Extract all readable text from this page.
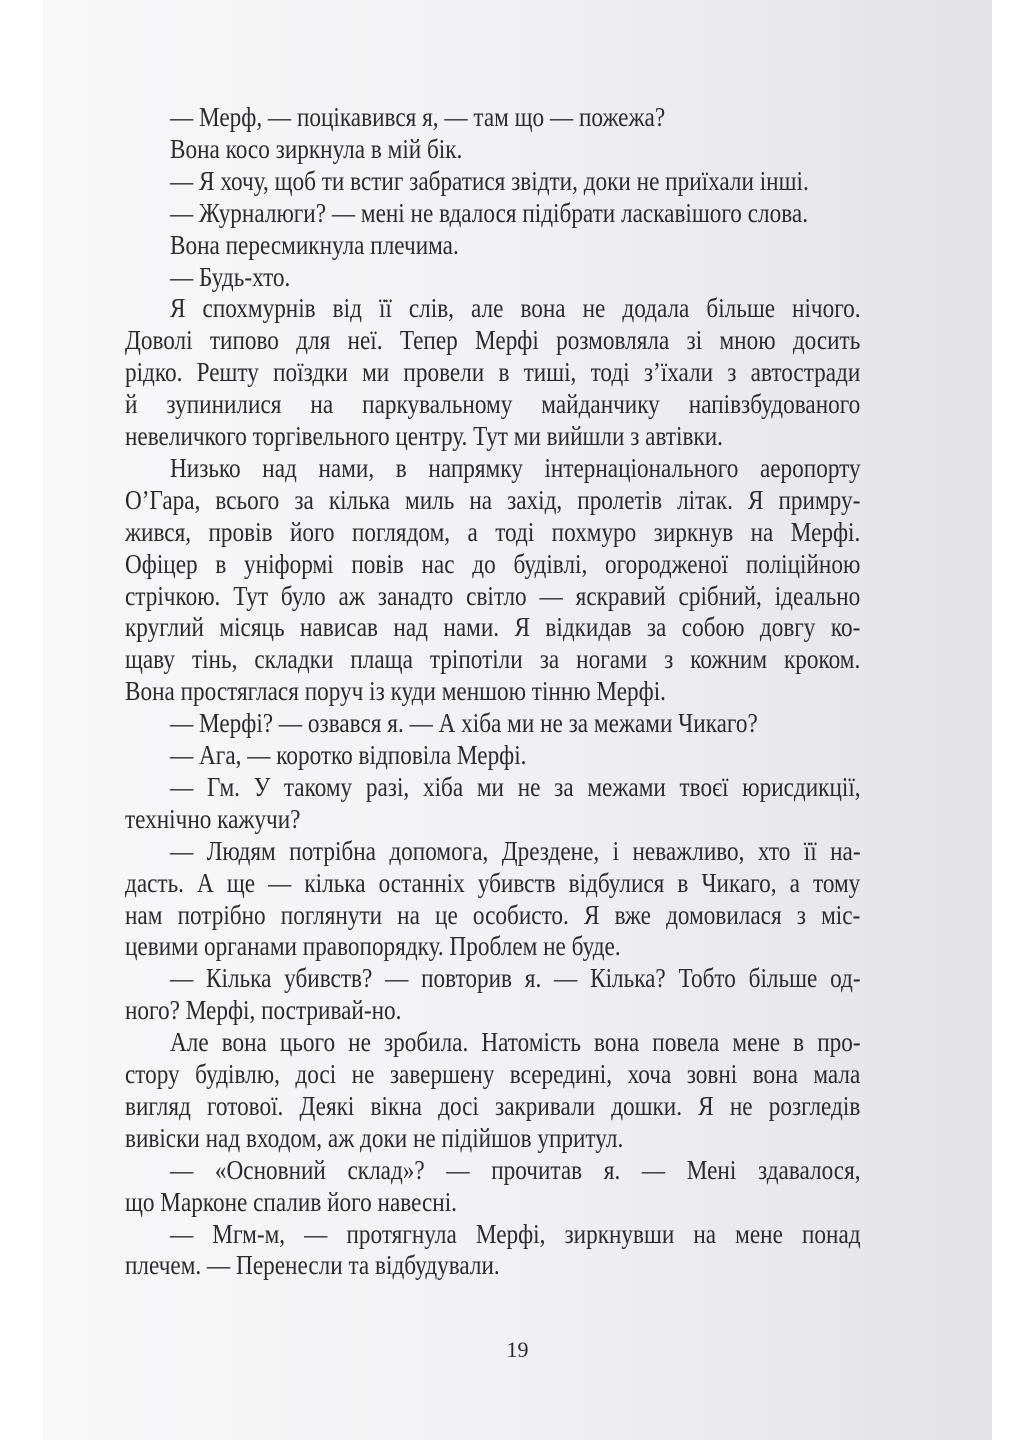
— Мерф, — поцікавився я, — там що — пожежа?
Вона косо зиркнула в мій бік.
— Я хочу, щоб ти встиг забратися звідти, доки не приїхали інші.
— Журналюги? — мені не вдалося підібрати ласкавішого слова.
Вона пересмикнула плечима.
— Будь-хто.
Я спохмурнів від її слів, але вона не додала більше нічого.
Доволі типово для неї. Тепер Мерфі розмовляла зі мною досить
рідко. Решту поїздки ми провели в тиші, тоді з’їхали з автостради
й зупинилися на паркувальному майданчику напівзбудованого
невеличкого торгівельного центру. Тут ми вийшли з автівки.
Низько над нами, в напрямку інтернаціонального аеропорту
О’Гара, всього за кілька миль на захід, пролетів літак. Я примру-
жився, провів його поглядом, а тоді похмуро зиркнув на Мерфі.
Офіцер в уніформі повів нас до будівлі, огородженої поліційною
стрічкою. Тут було аж занадто світло — яскравий срібний, ідеально
круглий місяць нависав над нами. Я відкидав за собою довгу ко-
щаву тінь, складки плаща тріпотіли за ногами з кожним кроком.
Вона простяглася поруч із куди меншою тінню Мерфі.
— Мерфі? — озвався я. — А хіба ми не за межами Чикаго?
— Ага, — коротко відповіла Мерфі.
— Гм. У такому разі, хіба ми не за межами твоєї юрисдикції,
технічно кажучи?
— Людям потрібна допомога, Дрездене, і неважливо, хто її на-
дасть. А ще — кілька останніх убивств відбулися в Чикаго, а тому
нам потрібно поглянути на це особисто. Я вже домовилася з міс-
цевими органами правопорядку. Проблем не буде.
— Кілька убивств? — повторив я. — Кілька? Тобто більше од-
ного? Мерфі, постривай-но.
Але вона цього не зробила. Натомість вона повела мене в про-
стору будівлю, досі не завершену всередині, хоча зовні вона мала
вигляд готової. Деякі вікна досі закривали дошки. Я не розгледів
вивіски над входом, аж доки не підійшов упритул.
— «Основний склад»? — прочитав я. — Мені здавалося,
що Марконе спалив його навесні.
— Мгм-м, — протягнула Мерфі, зиркнувши на мене понад
плечем. — Перенесли та відбудували.
19
